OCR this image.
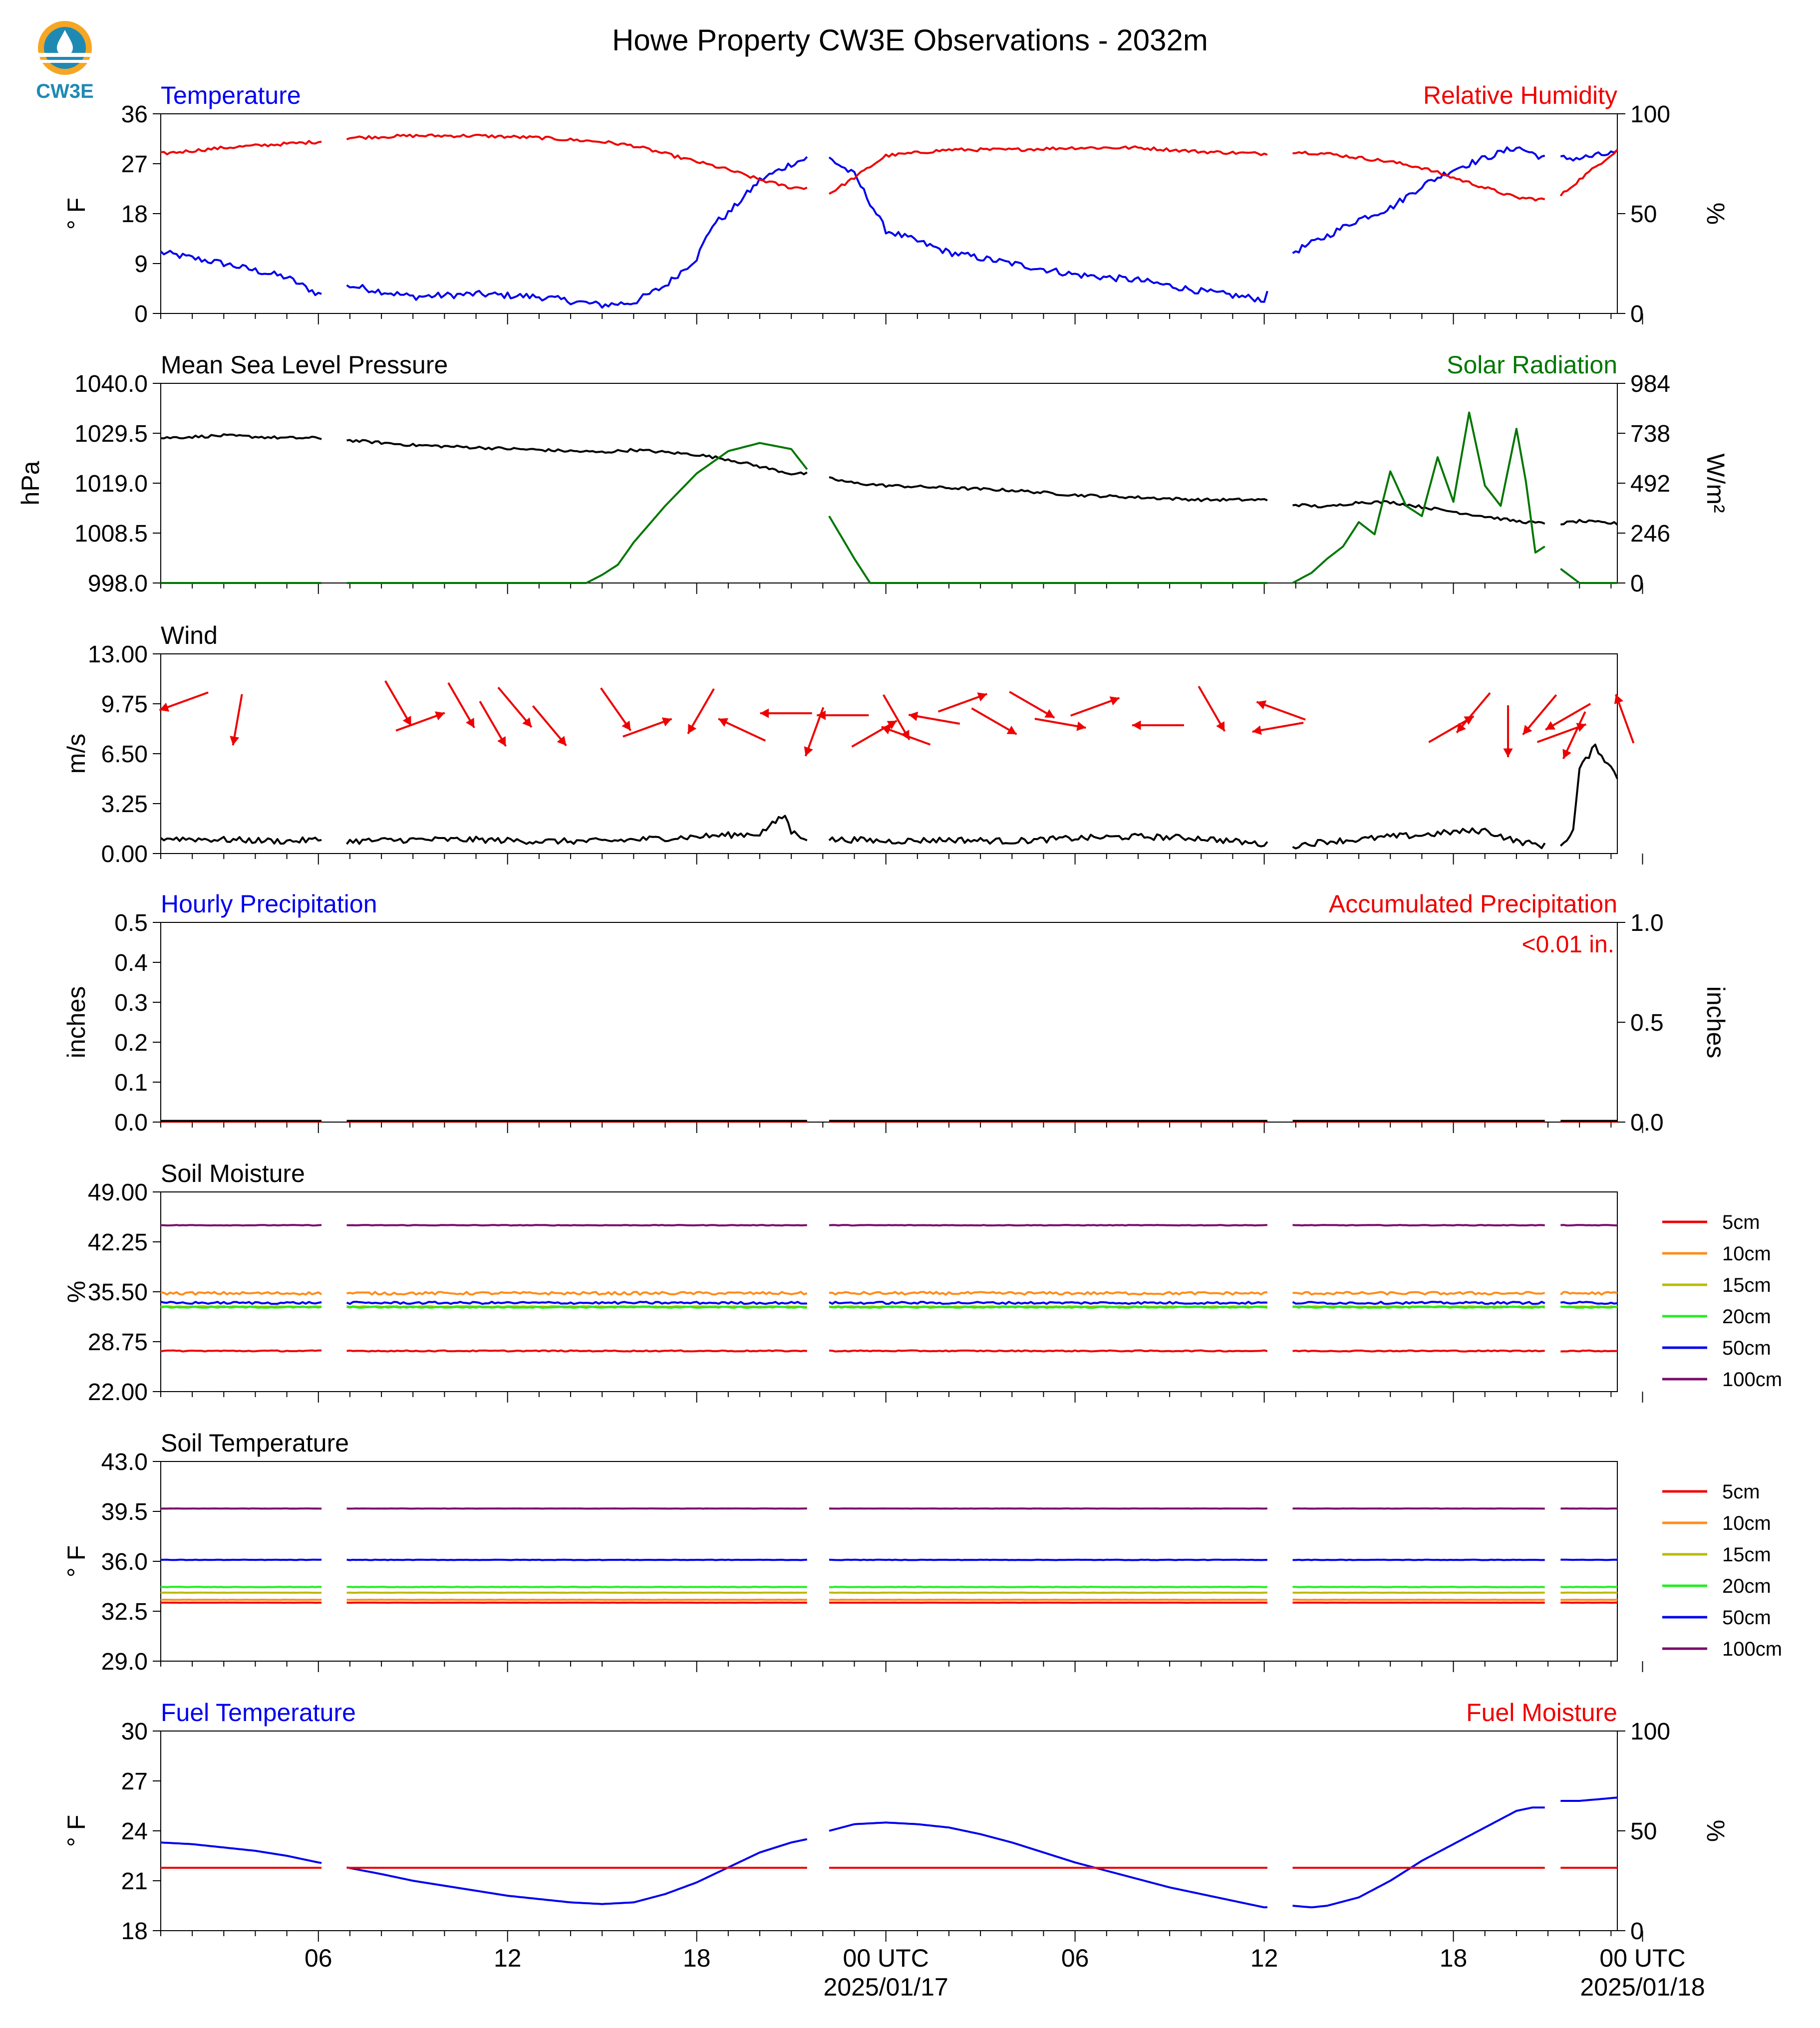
CW3E
Howe Property CW3E Observations - 2032m
Temperature	Relative Humidity
0
9
18
27
36
° F
0
50
100
%
Mean Sea Level Pressure	Solar Radiation
998.0
1008.5
1019.0
1029.5
1040.0
hPa
0
246
492
738
984
W/m²
Wind
0.00
3.25
6.50
9.75
13.00
m/s
Hourly Precipitation	Accumulated Precipitation
0.0
0.1
0.2
0.3
0.4
0.5
inches
0.0
0.5
1.0
inches
<0.01 in.
Soil Moisture
22.00
28.75
35.50
42.25
49.00
%
5cm
10cm
15cm
20cm
50cm
100cm
Soil Temperature
29.0
32.5
36.0
39.5
43.0
° F
5cm
10cm
15cm
20cm
50cm
100cm
Fuel Temperature	Fuel Moisture
18
21
24
27
30
° F
0
50
100
%
06	12	18	00 UTC
2025/01/17
06	12	18	00 UTC
2025/01/18
